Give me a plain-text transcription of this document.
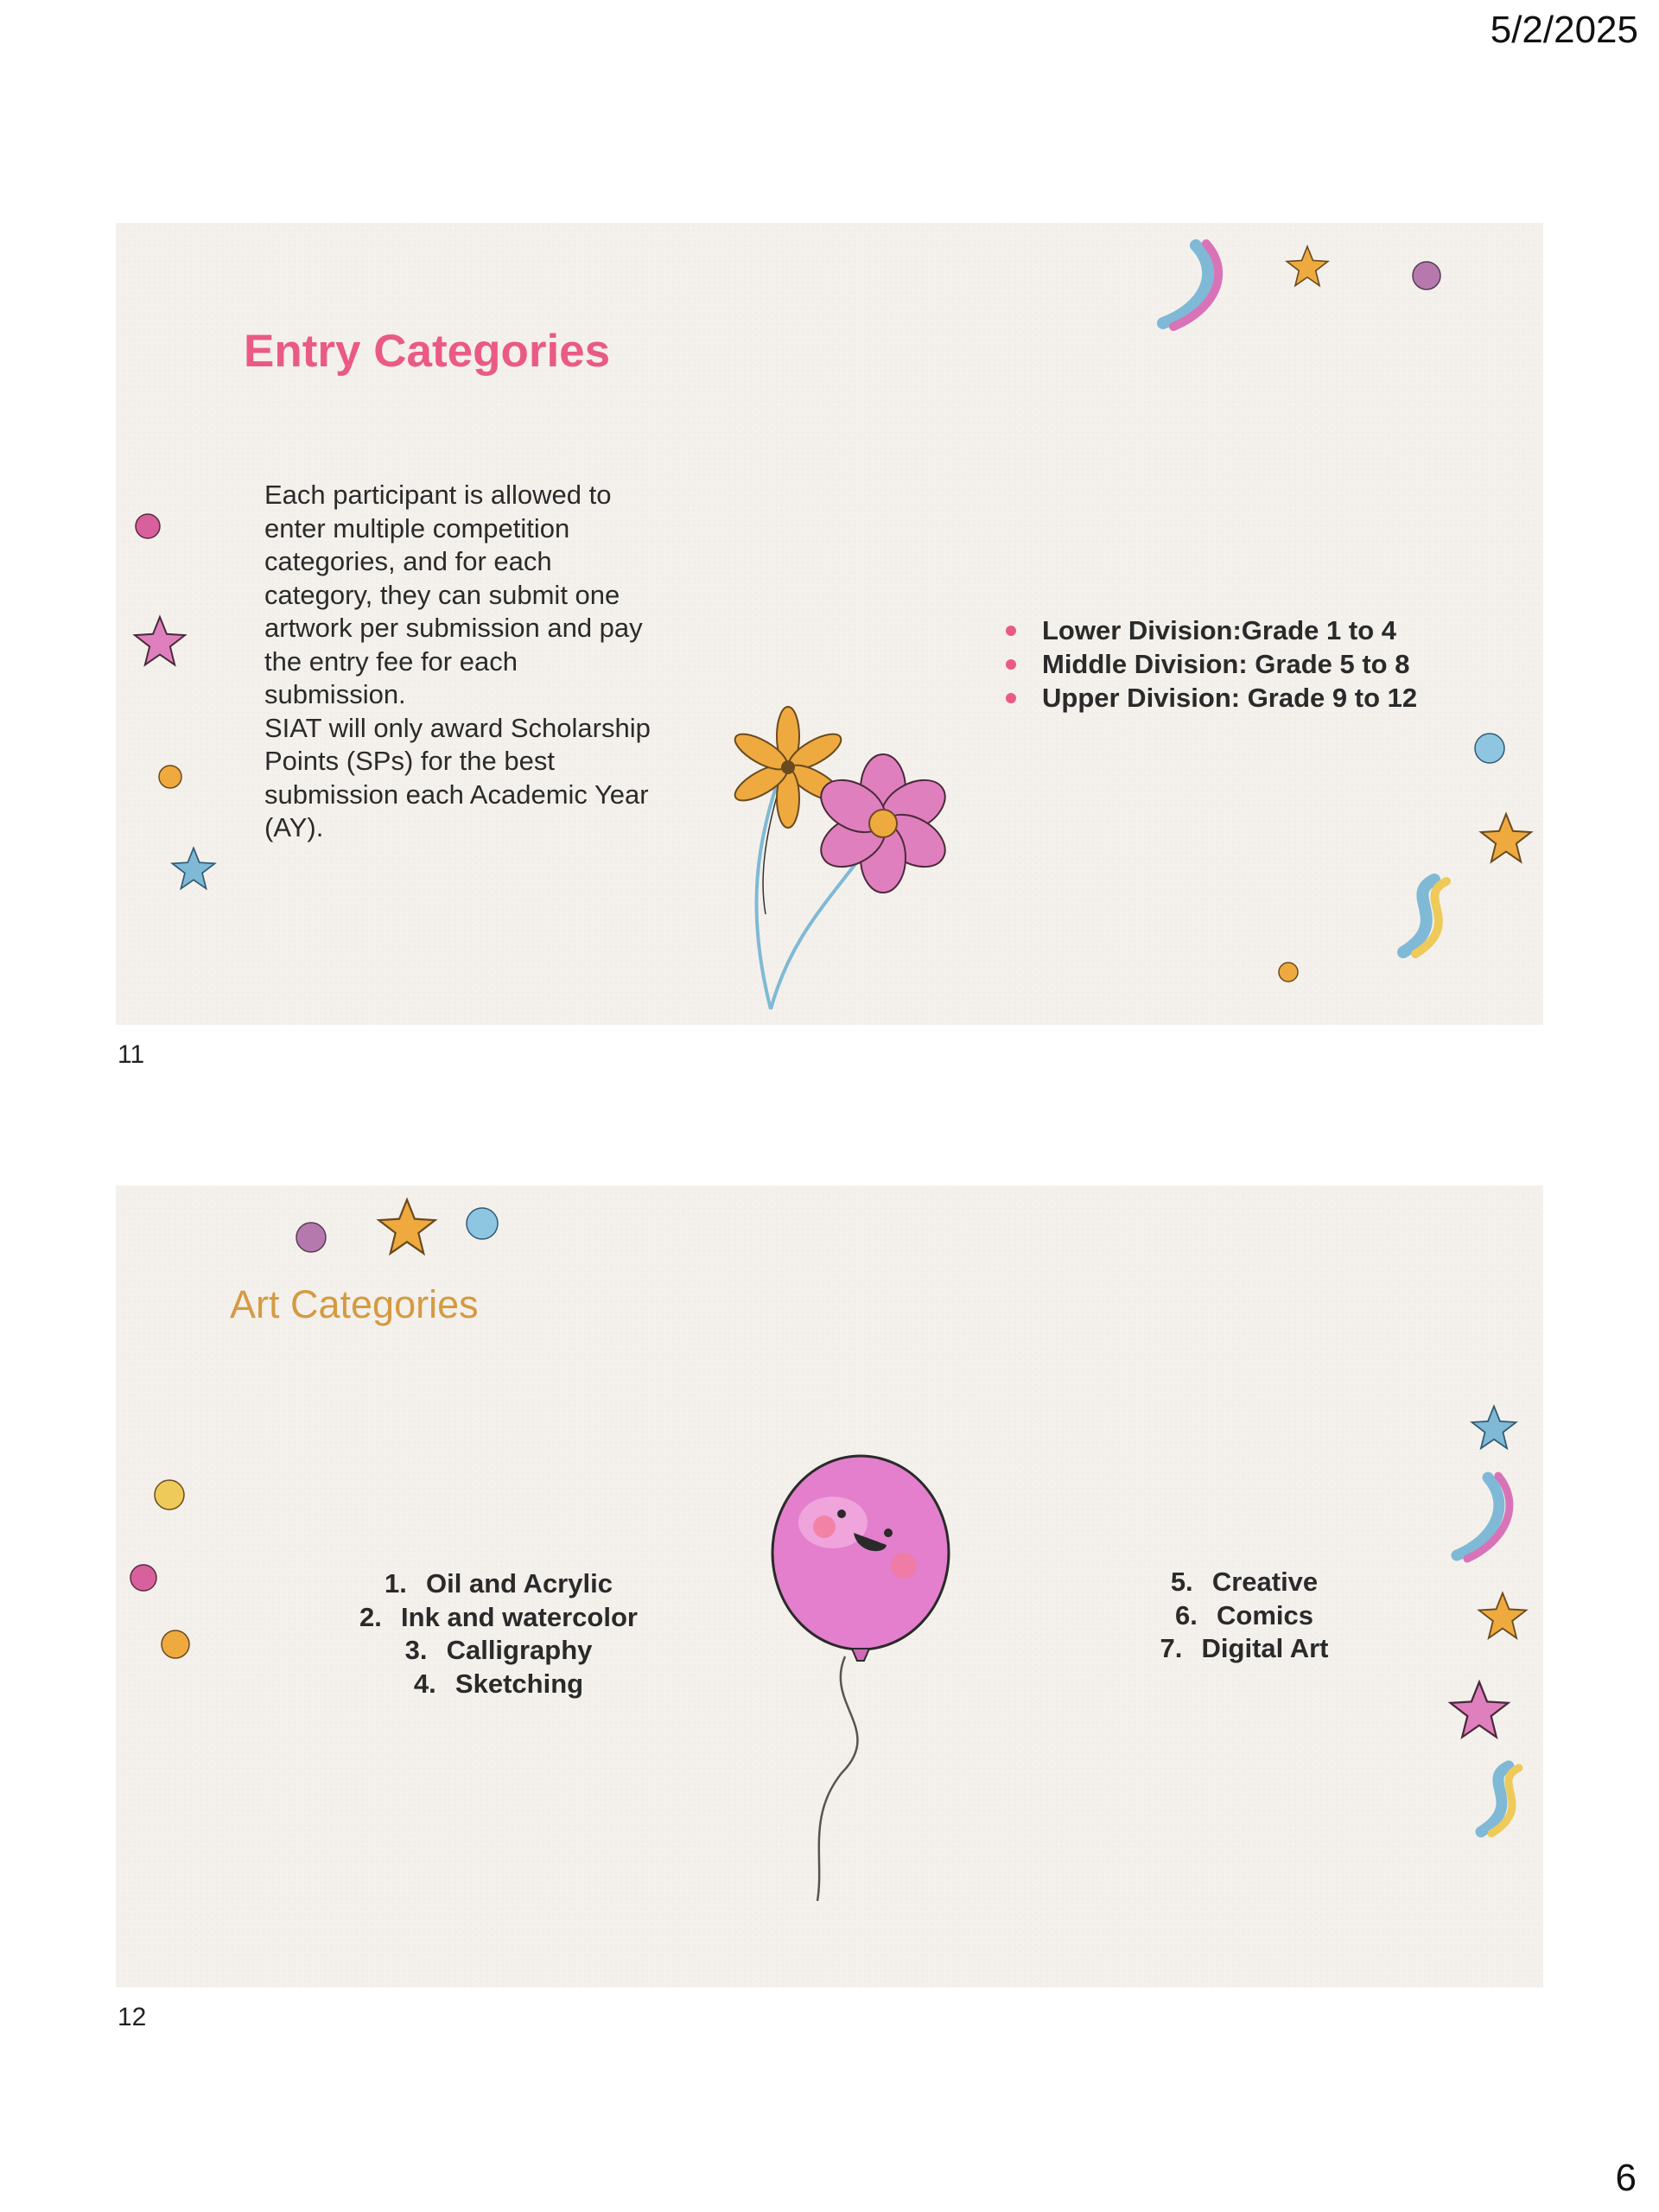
5/2/2025
Entry Categories

Each participant is allowed to

enter multiple competition

categories, and for each

category, they can submit one

artwork per submission and pay

the entry fee for each

submission.

SIAT will only award Scholarship

Points (SPs) for the best

submission each Academic Year

(AY).

Lower Division:Grade 1 to 4
Middle Division: Grade 5 to 8
Upper Division: Grade 9 to 12
11
Art Categories
1. Oil and Acrylic
2. Ink and watercolor
3. Calligraphy
4. Sketching
5. Creative
6. Comics
7. Digital Art
12
6
